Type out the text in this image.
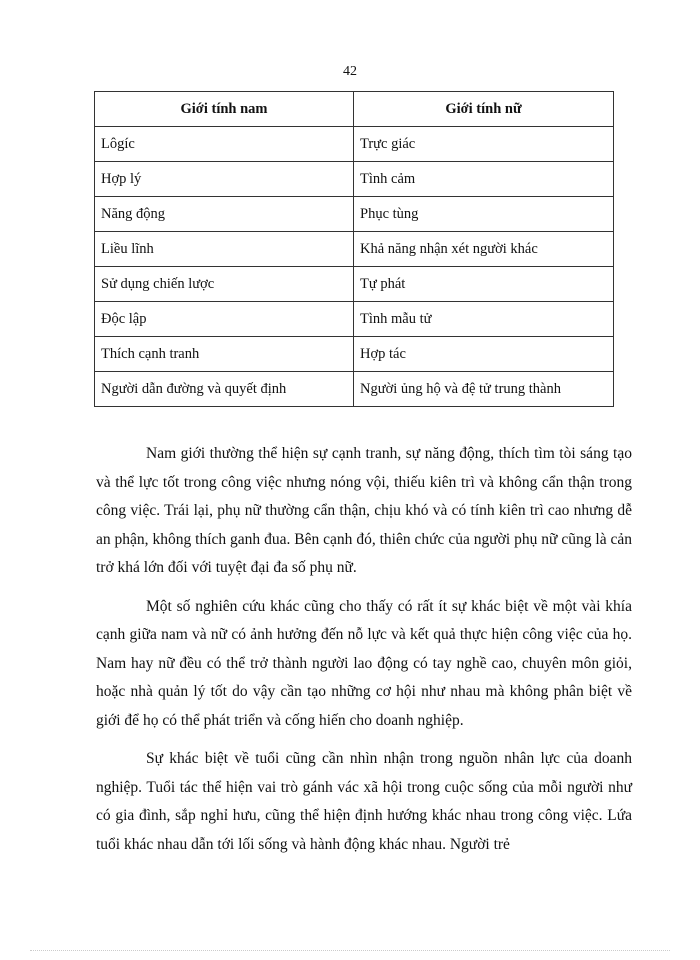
42
Giới tính nam	Giới tính nữ
Lôgíc	Trực giác
Hợp lý	Tình cảm
Năng động	Phục tùng
Liều lĩnh	Khả năng nhận xét người khác
Sử dụng chiến lược	Tự phát
Độc lập	Tình mẫu tử
Thích cạnh tranh	Hợp tác
Người dẫn đường và quyết định	Người ủng hộ và đệ tử trung thành

Nam giới thường thể hiện sự cạnh tranh, sự năng động, thích tìm tòi sáng tạo và thể lực tốt trong công việc nhưng nóng vội, thiếu kiên trì và không cẩn thận trong công việc. Trái lại, phụ nữ thường cẩn thận, chịu khó và có tính kiên trì cao nhưng dễ an phận, không thích ganh đua. Bên cạnh đó, thiên chức của người phụ nữ cũng là cản trở khá lớn đối với tuyệt đại đa số phụ nữ.

Một số nghiên cứu khác cũng cho thấy có rất ít sự khác biệt về một vài khía cạnh giữa nam và nữ có ảnh hưởng đến nỗ lực và kết quả thực hiện công việc của họ. Nam hay nữ đều có thể trở thành người lao động có tay nghề cao, chuyên môn giỏi, hoặc nhà quản lý tốt do vậy cần tạo những cơ hội như nhau mà không phân biệt về giới để họ có thể phát triển và cống hiến cho doanh nghiệp.

Sự khác biệt về tuổi cũng cần nhìn nhận trong nguồn nhân lực của doanh nghiệp. Tuổi tác thể hiện vai trò gánh vác xã hội trong cuộc sống của mỗi người như có gia đình, sắp nghỉ hưu, cũng thể hiện định hướng khác nhau trong công việc. Lứa tuổi khác nhau dẫn tới lối sống và hành động khác nhau. Người trẻ
